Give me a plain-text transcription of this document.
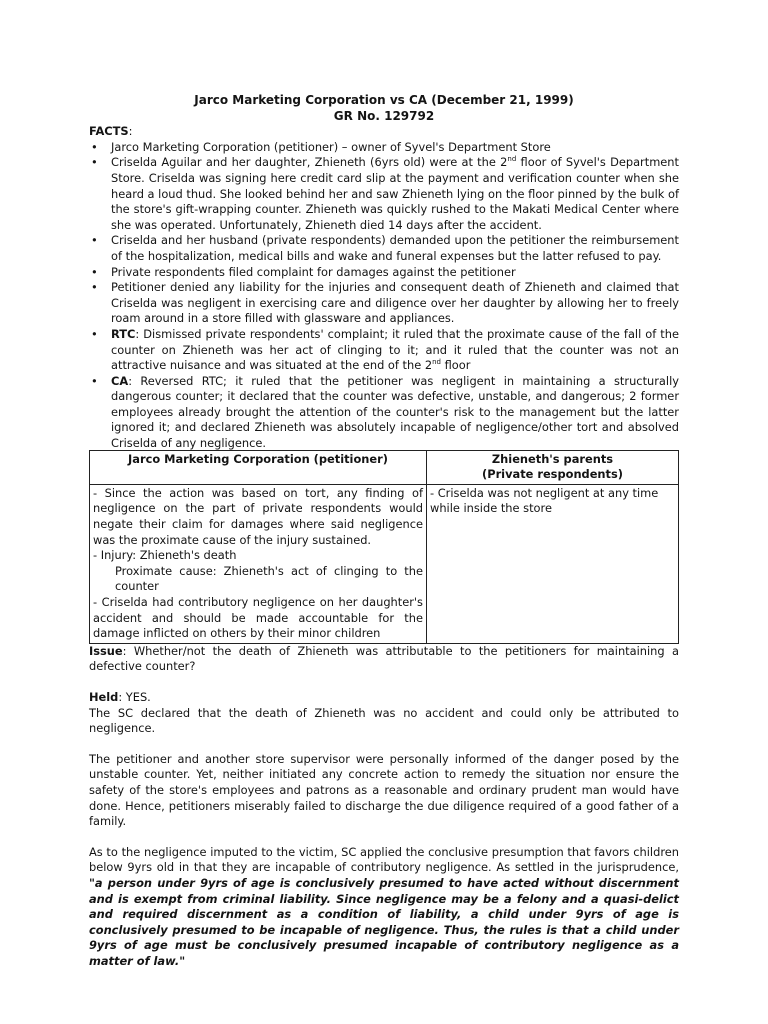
Jarco Marketing Corporation vs CA (December 21, 1999)
GR No. 129792
FACTS:
• Jarco Marketing Corporation (petitioner) – owner of Syvel's Department Store
• Criselda Aguilar and her daughter, Zhieneth (6yrs old) were at the 2nd floor of Syvel's Department Store. Criselda was signing here credit card slip at the payment and verification counter when she heard a loud thud. She looked behind her and saw Zhieneth lying on the floor pinned by the bulk of the store's gift-wrapping counter. Zhieneth was quickly rushed to the Makati Medical Center where she was operated. Unfortunately, Zhieneth died 14 days after the accident.
• Criselda and her husband (private respondents) demanded upon the petitioner the reimbursement of the hospitalization, medical bills and wake and funeral expenses but the latter refused to pay.
• Private respondents filed complaint for damages against the petitioner
• Petitioner denied any liability for the injuries and consequent death of Zhieneth and claimed that Criselda was negligent in exercising care and diligence over her daughter by allowing her to freely roam around in a store filled with glassware and appliances.
• RTC: Dismissed private respondents' complaint; it ruled that the proximate cause of the fall of the counter on Zhieneth was her act of clinging to it; and it ruled that the counter was not an attractive nuisance and was situated at the end of the 2nd floor
• CA: Reversed RTC; it ruled that the petitioner was negligent in maintaining a structurally dangerous counter; it declared that the counter was defective, unstable, and dangerous; 2 former employees already brought the attention of the counter's risk to the management but the latter ignored it; and declared Zhieneth was absolutely incapable of negligence/other tort and absolved Criselda of any negligence.
Jarco Marketing Corporation (petitioner)	Zhieneth's parents
(Private respondents)

- Since the action was based on tort, any finding of negligence on the part of private respondents would negate their claim for damages where said negligence was the proximate cause of the injury sustained.
- Injury: Zhieneth's death
Proximate cause: Zhieneth's act of clinging to the counter
- Criselda had contributory negligence on her daughter's accident and should be made accountable for the damage inflicted on others by their minor children	- Criselda was not negligent at any time while inside the store

Issue: Whether/not the death of Zhieneth was attributable to the petitioners for maintaining a defective counter?

Held: YES.

The SC declared that the death of Zhieneth was no accident and could only be attributed to negligence.

The petitioner and another store supervisor were personally informed of the danger posed by the unstable counter. Yet, neither initiated any concrete action to remedy the situation nor ensure the safety of the store's employees and patrons as a reasonable and ordinary prudent man would have done. Hence, petitioners miserably failed to discharge the due diligence required of a good father of a family.

As to the negligence imputed to the victim, SC applied the conclusive presumption that favors children below 9yrs old in that they are incapable of contributory negligence. As settled in the jurisprudence, "a person under 9yrs of age is conclusively presumed to have acted without discernment and is exempt from criminal liability. Since negligence may be a felony and a quasi-delict and required discernment as a condition of liability, a child under 9yrs of age is conclusively presumed to be incapable of negligence. Thus, the rules is that a child under 9yrs of age must be conclusively presumed incapable of contributory negligence as a matter of law."
